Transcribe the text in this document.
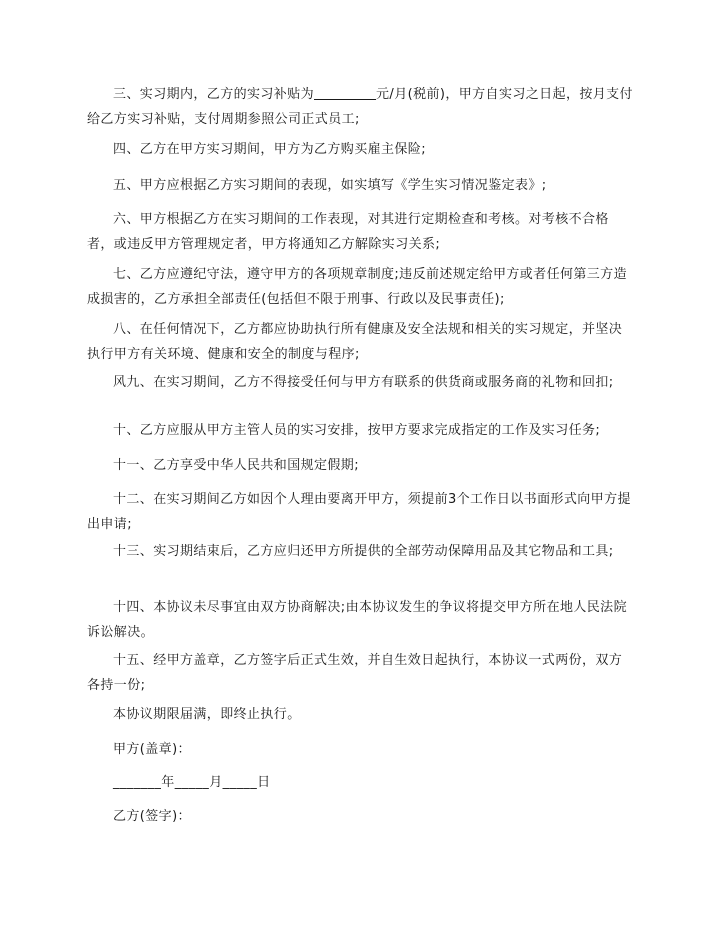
三、实习期内，乙方的实习补贴为	元/月(税前)，甲方自实习之日起，按月支付给乙方实习补贴，支付周期参照公司正式员工;
四、乙方在甲方实习期间，甲方为乙方购买雇主保险;
五、甲方应根据乙方实习期间的表现，如实填写《学生实习情况鉴定表》;
六、甲方根据乙方在实习期间的工作表现，对其进行定期检查和考核。对考核不合格者，或违反甲方管理规定者，甲方将通知乙方解除实习关系;
七、乙方应遵纪守法，遵守甲方的各项规章制度;违反前述规定给甲方或者任何第三方造成损害的，乙方承担全部责任(包括但不限于刑事、行政以及民事责任);
八、在任何情况下，乙方都应协助执行所有健康及安全法规和相关的实习规定，并坚决执行甲方有关环境、健康和安全的制度与程序;
风九、在实习期间，乙方不得接受任何与甲方有联系的供货商或服务商的礼物和回扣;
十、乙方应服从甲方主管人员的实习安排，按甲方要求完成指定的工作及实习任务;
十一、乙方享受中华人民共和国规定假期;
十二、在实习期间乙方如因个人理由要离开甲方，须提前3个工作日以书面形式向甲方提出申请;
十三、实习期结束后，乙方应归还甲方所提供的全部劳动保障用品及其它物品和工具;
十四、本协议未尽事宜由双方协商解决;由本协议发生的争议将提交甲方所在地人民法院诉讼解决。
十五、经甲方盖章，乙方签字后正式生效，并自生效日起执行，本协议一式两份，双方各持一份;
本协议期限届满，即终止执行。
甲方(盖章)：
_______年_____月_____日
乙方(签字)：
